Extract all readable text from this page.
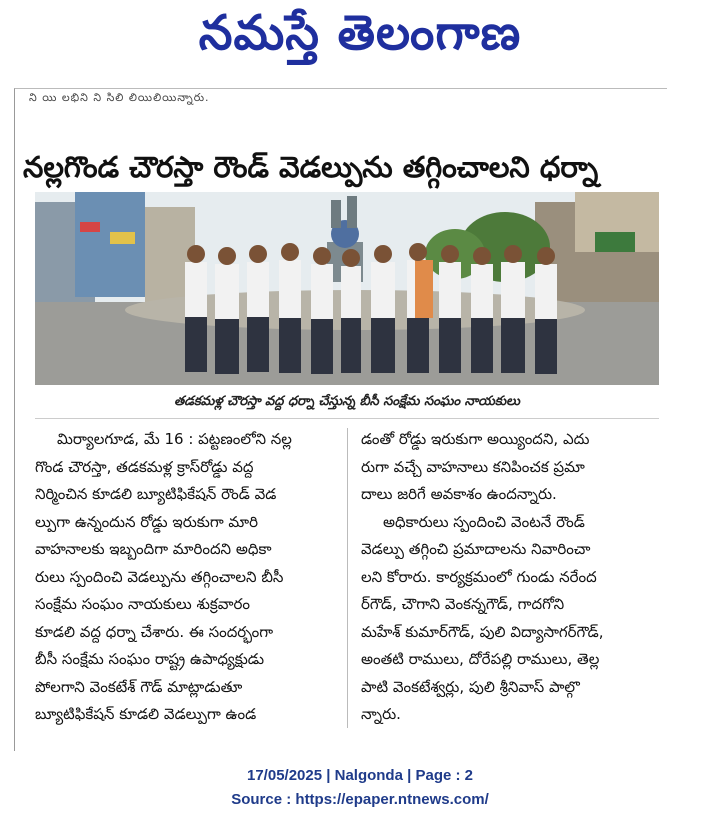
నమస్తే తెలంగాణ
ని యి లభిని ని సిలి లియిలియిన్నారు.
నల్లగొండ చౌరస్తా రౌండ్ వెడల్పును తగ్గించాలని ధర్నా
తడకమళ్ల చౌరస్తా వద్ద ధర్నా చేస్తున్న బీసీ సంక్షేమ సంఘం నాయకులు
మిర్యాలగూడ, మే 16 : పట్టణంలోని నల్ల
గొండ చౌరస్తా, తడకమళ్ల క్రాస్‌రోడ్డు వద్ద
నిర్మించిన కూడలి బ్యూటిఫికేషన్ రౌండ్ వెడ
ల్పుగా ఉన్నందున రోడ్డు ఇరుకుగా మారి
వాహనాలకు ఇబ్బందిగా మారిందని అధికా
రులు స్పందించి వెడల్పును తగ్గించాలని బీసీ
సంక్షేమ సంఘం నాయకులు శుక్రవారం
కూడలి వద్ద ధర్నా చేశారు. ఈ సందర్భంగా
బీసీ సంక్షేమ సంఘం రాష్ట్ర ఉపాధ్యక్షుడు
పోలగాని వెంకటేశ్ గౌడ్ మాట్లాడుతూ
బ్యూటిఫికేషన్ కూడలి వెడల్పుగా ఉండ
డంతో రోడ్డు ఇరుకుగా అయ్యిందని, ఎదు
రుగా వచ్చే వాహనాలు కనిపించక ప్రమా
దాలు జరిగే అవకాశం ఉందన్నారు.
అధికారులు స్పందించి వెంటనే రౌండ్
వెడల్పు తగ్గించి ప్రమాదాలను నివారించా
లని కోరారు. కార్యక్రమంలో గుండు నరేంద
ర్‌గౌడ్, చౌగాని వెంకన్నగౌడ్, గాదగోని
మహేశ్ కుమార్‌గౌడ్, పులి విద్యాసాగర్‌గౌడ్,
అంతటి రాములు, దోరేపల్లి రాములు, తెల్ల
పాటి వెంకటేశ్వర్లు, పులి శ్రీనివాస్ పాల్గొ
న్నారు.
17/05/2025 | Nalgonda | Page : 2
Source : https://epaper.ntnews.com/
